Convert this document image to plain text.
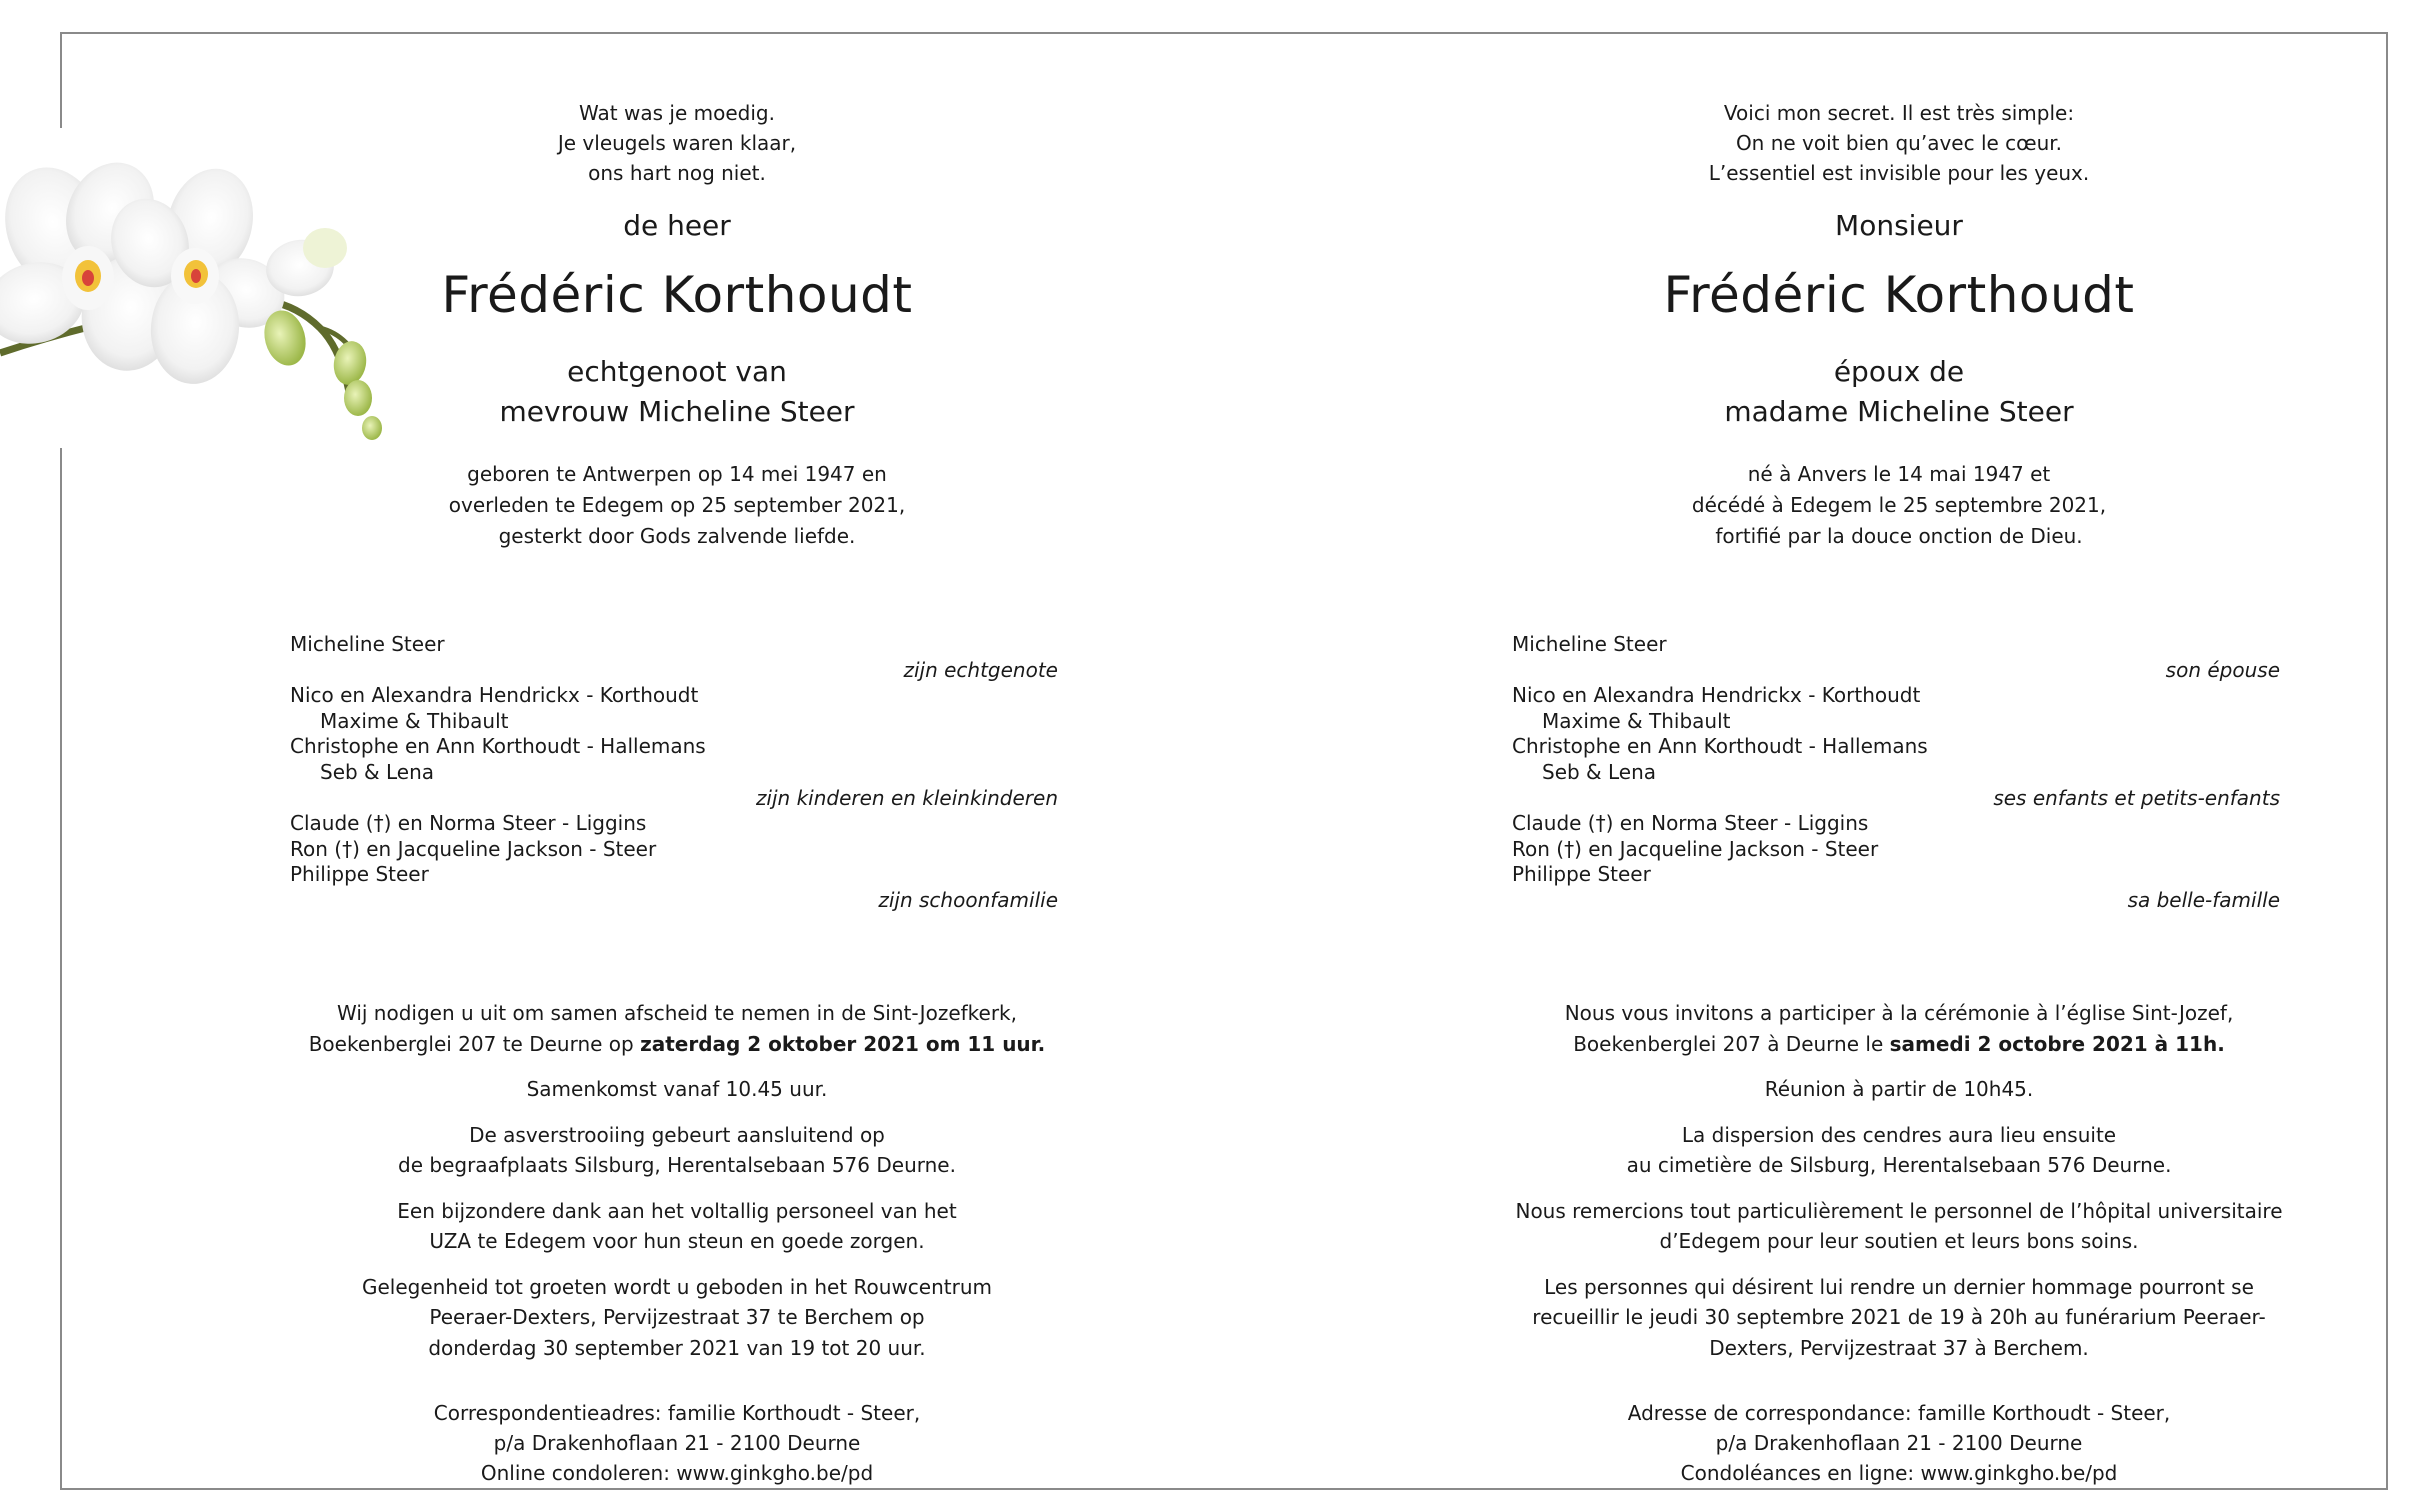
Wat was je moedig.
Je vleugels waren klaar,
ons hart nog niet.
de heer
Frédéric Korthoudt
echtgenoot van
mevrouw Micheline Steer
geboren te Antwerpen op 14 mei 1947 en
overleden te Edegem op 25 september 2021,
gesterkt door Gods zalvende liefde.
Micheline Steer
zijn echtgenote
Nico en Alexandra Hendrickx - Korthoudt
Maxime & Thibault
Christophe en Ann Korthoudt - Hallemans
Seb & Lena
zijn kinderen en kleinkinderen
Claude (†) en Norma Steer - Liggins
Ron (†) en Jacqueline Jackson - Steer
Philippe Steer
zijn schoonfamilie

Wij nodigen u uit om samen afscheid te nemen in de Sint-Jozefkerk,
Boekenberglei 207 te Deurne op zaterdag 2 oktober 2021 om 11 uur.

Samenkomst vanaf 10.45 uur.

De asverstrooiing gebeurt aansluitend op
de begraafplaats Silsburg, Herentalsebaan 576 Deurne.

Een bijzondere dank aan het voltallig personeel van het
UZA te Edegem voor hun steun en goede zorgen.

Gelegenheid tot groeten wordt u geboden in het Rouwcentrum
Peeraer-Dexters, Pervijzestraat 37 te Berchem op
donderdag 30 september 2021 van 19 tot 20 uur.

Correspondentieadres: familie Korthoudt - Steer,
p/a Drakenhoflaan 21 - 2100 Deurne
Online condoleren: www.ginkgho.be/pd
Voici mon secret. Il est très simple:
On ne voit bien qu’avec le cœur.
L’essentiel est invisible pour les yeux.
Monsieur
Frédéric Korthoudt
époux de
madame Micheline Steer
né à Anvers le 14 mai 1947 et
décédé à Edegem le 25 septembre 2021,
fortifié par la douce onction de Dieu.
Micheline Steer
son épouse
Nico en Alexandra Hendrickx - Korthoudt
Maxime & Thibault
Christophe en Ann Korthoudt - Hallemans
Seb & Lena
ses enfants et petits-enfants
Claude (†) en Norma Steer - Liggins
Ron (†) en Jacqueline Jackson - Steer
Philippe Steer
sa belle-famille

Nous vous invitons a participer à la cérémonie à l’église Sint-Jozef,
Boekenberglei 207 à Deurne le samedi 2 octobre 2021 à 11h.

Réunion à partir de 10h45.

La dispersion des cendres aura lieu ensuite
au cimetière de Silsburg, Herentalsebaan 576 Deurne.

Nous remercions tout particulièrement le personnel de l’hôpital universitaire
d’Edegem pour leur soutien et leurs bons soins.

Les personnes qui désirent lui rendre un dernier hommage pourront se
recueillir le jeudi 30 septembre 2021 de 19 à 20h au funérarium Peeraer-
Dexters, Pervijzestraat 37 à Berchem.

Adresse de correspondance: famille Korthoudt - Steer,
p/a Drakenhoflaan 21 - 2100 Deurne
Condoléances en ligne: www.ginkgho.be/pd
